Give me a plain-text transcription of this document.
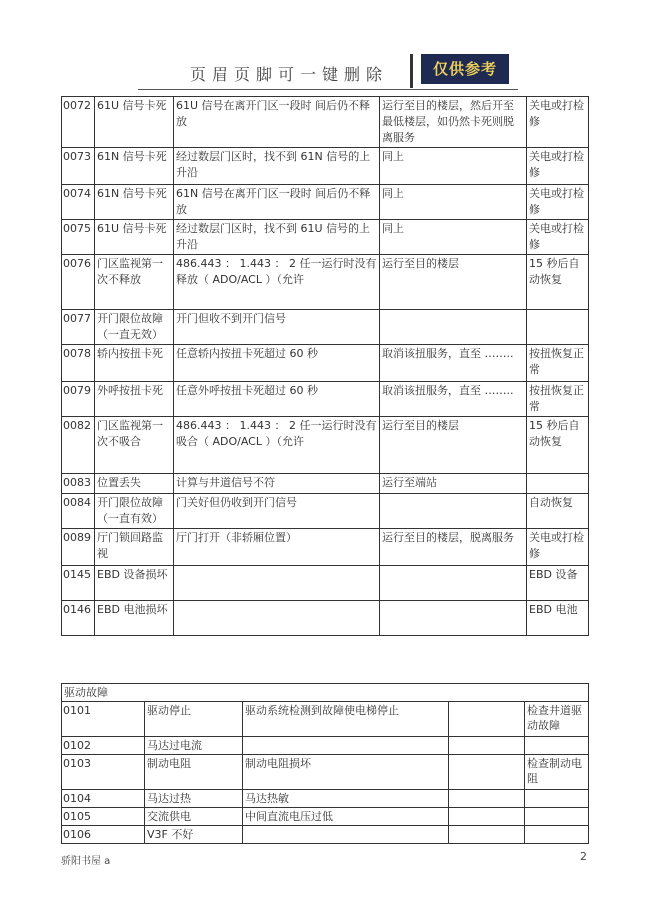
页眉页脚可一键删除	仅供参考
0072	61U 信号卡死	61U 信号在离开门区一段时 间后仍不释放	运行至目的楼层，然后开至最低楼层，如仍然卡死则脱离服务	关电或打检修
0073	61N 信号卡死	经过数层门区时，找不到 61N 信号的上升沿	同上	关电或打检修
0074	61N 信号卡死	61N 信号在离开门区一段时 间后仍不释放	同上	关电或打检修
0075	61U 信号卡死	经过数层门区时，找不到 61U 信号的上升沿	同上	关电或打检修
0076	门区监视第一次不释放	486.443 ： 1.443 ： 2 任一运行时没有释放（ ADO/ACL ）（允许	运行至目的楼层	15 秒后自动恢复
0077	开门限位故障（一直无效）	开门但收不到开门信号		
0078	轿内按扭卡死	任意轿内按扭卡死超过 60 秒	取消该扭服务，直至 ……..	按扭恢复正常
0079	外呼按扭卡死	任意外呼按扭卡死超过 60 秒	取消该扭服务，直至 ……..	按扭恢复正常
0082	门区监视第一次不吸合	486.443 ： 1.443 ： 2 任一运行时没有吸合（ ADO/ACL ）（允许	运行至目的楼层	15 秒后自动恢复
0083	位置丢失	计算与井道信号不符	运行至端站	
0084	开门限位故障（一直有效）	门关好但仍收到开门信号		自动恢复
0089	厅门锁回路监视	厅门打开（非轿厢位置）	运行至目的楼层，脱离服务	关电或打检修
0145	EBD 设备损坏			EBD 设备
0146	EBD 电池损坏			EBD 电池
驱动故障				
0101	驱动停止	驱动系统检测到故障使电梯停止		检查井道驱动故障
0102	马达过电流			
0103	制动电阻	制动电阻损坏		检查制动电阻
0104	马达过热	马达热敏		
0105	交流供电	中间直流电压过低		
0106	V3F 不好			
骄阳书屋 a	2
